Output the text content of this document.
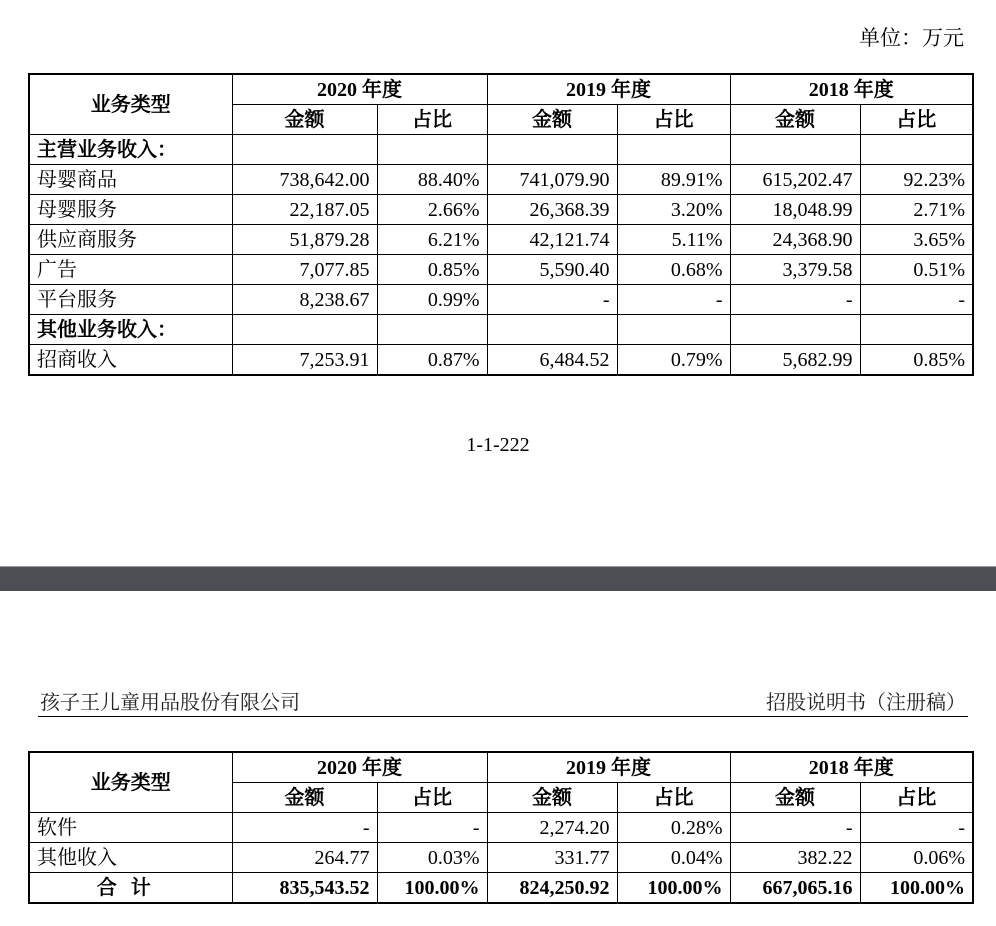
单位：万元
业务类型	2020 年度		2019 年度		2018 年度	
	金额	占比	金额	占比	金额	占比
主营业务收入：						
母婴商品	738,642.00	88.40%	741,079.90	89.91%	615,202.47	92.23%
母婴服务	22,187.05	2.66%	26,368.39	3.20%	18,048.99	2.71%
供应商服务	51,879.28	6.21%	42,121.74	5.11%	24,368.90	3.65%
广告	7,077.85	0.85%	5,590.40	0.68%	3,379.58	0.51%
平台服务	8,238.67	0.99%	-	-	-	-
其他业务收入：						
招商收入	7,253.91	0.87%	6,484.52	0.79%	5,682.99	0.85%
1-1-222
孩子王儿童用品股份有限公司	招股说明书（注册稿）
业务类型	2020 年度		2019 年度		2018 年度	
	金额	占比	金额	占比	金额	占比
软件	-	-	2,274.20	0.28%	-	-
其他收入	264.77	0.03%	331.77	0.04%	382.22	0.06%
合计	835,543.52	100.00%	824,250.92	100.00%	667,065.16	100.00%
